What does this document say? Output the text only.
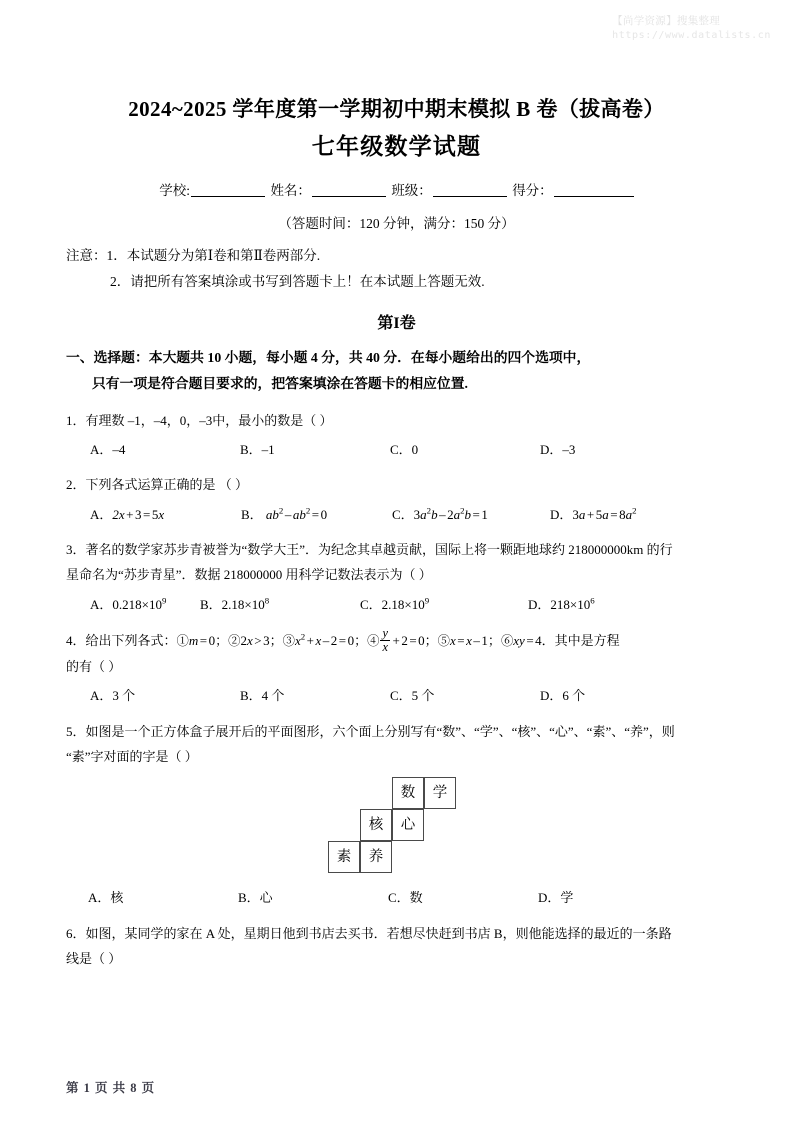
【尚学资源】搜集整理
https://www.datalists.cn
2024~2025 学年度第一学期初中期末模拟 B 卷（拔高卷）
七年级数学试题
学校:	姓名：	班级：	得分：
（答题时间：120 分钟，满分：150 分）
注意：1．本试题分为第Ⅰ卷和第Ⅱ卷两部分.
2．请把所有答案填涂或书写到答题卡上！在本试题上答题无效.
第I卷
一、选择题：本大题共 10 小题，每小题 4 分，共 40 分．在每小题给出的四个选项中，
只有一项是符合题目要求的，把答案填涂在答题卡的相应位置.
1．有理数 –1，–4，0，–3中，最小的数是（ ）
A．–4	B．–1	C．0	D．–3
2．下列各式运算正确的是 （ ）
A．2x + 3 = 5x	B． $ab^2 - ab^2 = 0$	C．$3a^2b - 2a^2b = 1$	D．$3a + 5a = 8a^2$
3．著名的数学家苏步青被誉为“数学大王”．为纪念其卓越贡献，国际上将一颗距地球约 218000000km 的行
星命名为“苏步青星”．数据 218000000 用科学记数法表示为（ ）
A．$0.218\times 10^9$	B．$2.18\times 10^8$	C．$2.18\times 10^9$	D．$218\times 10^6$
4．给出下列各式：①m = 0；②2x > 3；$③x^2 + x - 2 = 0$；④ $\frac{y}{x} + 2 = 0$；⑤x = x – 1；⑥xy = 4．其中是方程
的有（ ）
A．3 个	B．4 个	C．5 个	D．6 个
5．如图是一个正方体盒子展开后的平面图形，六个面上分别写有“数”、“学”、“核”、“心”、“素”、“养”，则
“素”字对面的字是（ ）
数	学
核	心
素	养
A．核	B．心	C．数	D．学
6．如图，某同学的家在 A 处，星期日他到书店去买书．若想尽快赶到书店 B，则他能选择的最近的一条路
线是（ ）
第 1 页 共 8 页
